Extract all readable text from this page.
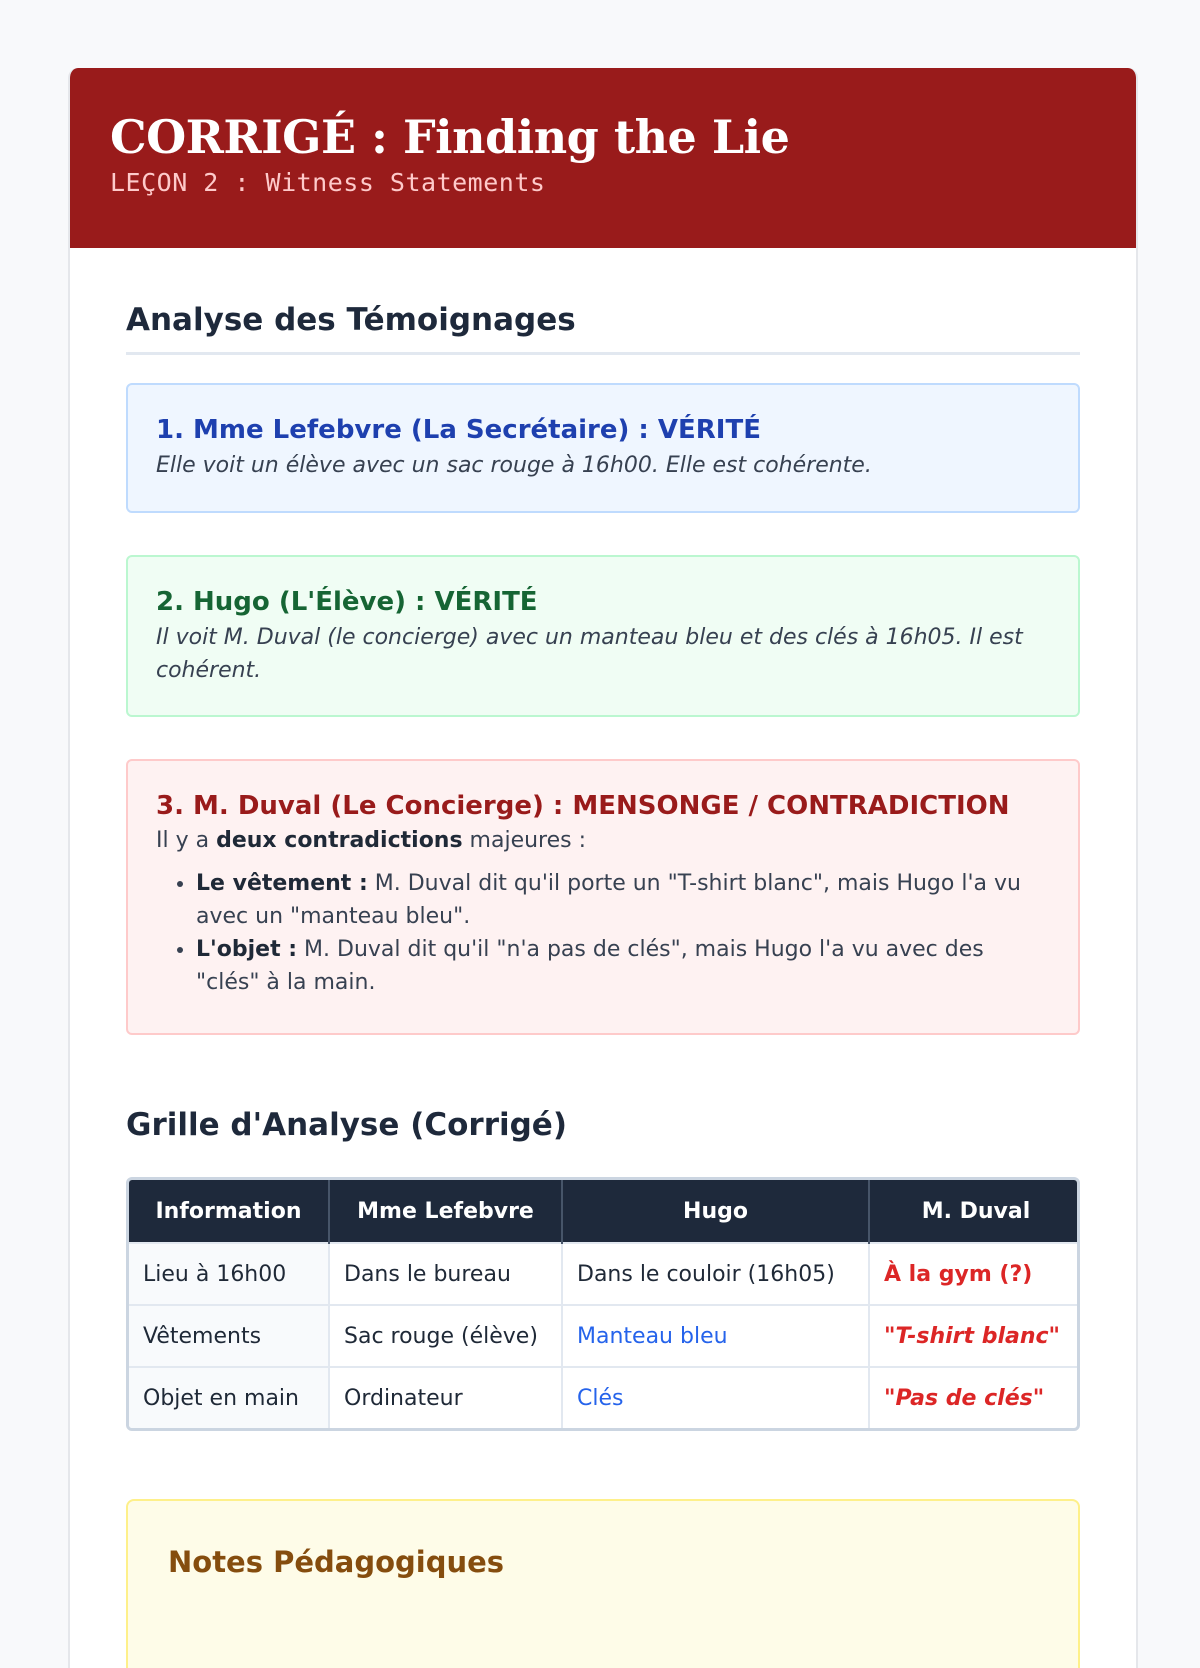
CORRIGÉ : Finding the Lie
LEÇON 2 : Witness Statements
Analyse des Témoignages
1. Mme Lefebvre (La Secrétaire) : VÉRITÉ
Elle voit un élève avec un sac rouge à 16h00. Elle est cohérente.
2. Hugo (L'Élève) : VÉRITÉ
Il voit M. Duval (le concierge) avec un manteau bleu et des clés à 16h05. Il est cohérent.
3. M. Duval (Le Concierge) : MENSONGE / CONTRADICTION
Il y a deux contradictions majeures :
• Le vêtement : M. Duval dit qu'il porte un "T-shirt blanc", mais Hugo l'a vu avec un "manteau bleu".
• L'objet : M. Duval dit qu'il "n'a pas de clés", mais Hugo l'a vu avec des "clés" à la main.
Grille d'Analyse (Corrigé)
Information	Mme Lefebvre	Hugo	M. Duval
Lieu à 16h00	Dans le bureau	Dans le couloir (16h05)	À la gym (?)
Vêtements	Sac rouge (élève)	Manteau bleu	"T-shirt blanc"
Objet en main	Ordinateur	Clés	"Pas de clés"
Notes Pédagogiques
